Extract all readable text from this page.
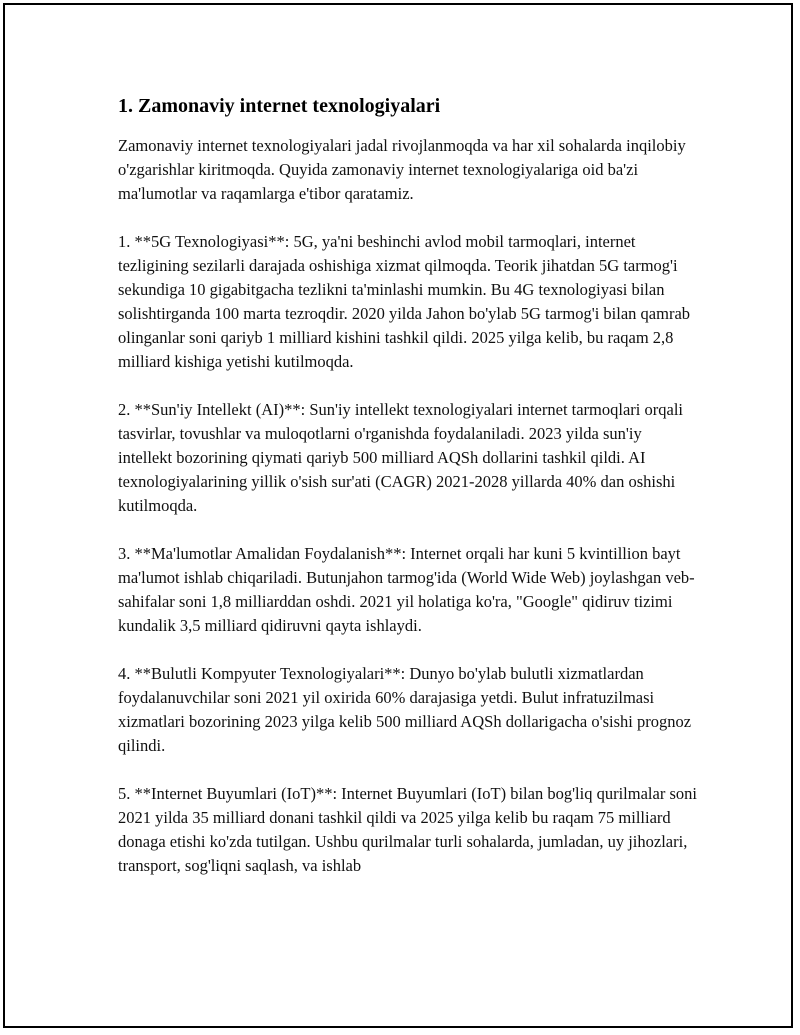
1. Zamonaviy internet texnologiyalari

Zamonaviy internet texnologiyalari jadal rivojlanmoqda va har xil sohalarda inqilobiy o'zgarishlar kiritmoqda. Quyida zamonaviy internet texnologiyalariga oid ba'zi ma'lumotlar va raqamlarga e'tibor qaratamiz.

1. **5G Texnologiyasi**: 5G, ya'ni beshinchi avlod mobil tarmoqlari, internet tezligining sezilarli darajada oshishiga xizmat qilmoqda. Teorik jihatdan 5G tarmog'i sekundiga 10 gigabitgacha tezlikni ta'minlashi mumkin. Bu 4G texnologiyasi bilan solishtirganda 100 marta tezroqdir. 2020 yilda Jahon bo'ylab 5G tarmog'i bilan qamrab olinganlar soni qariyb 1 milliard kishini tashkil qildi. 2025 yilga kelib, bu raqam 2,8 milliard kishiga yetishi kutilmoqda.

2. **Sun'iy Intellekt (AI)**: Sun'iy intellekt texnologiyalari internet tarmoqlari orqali tasvirlar, tovushlar va muloqotlarni o'rganishda foydalaniladi. 2023 yilda sun'iy intellekt bozorining qiymati qariyb 500 milliard AQSh dollarini tashkil qildi. AI texnologiyalarining yillik o'sish sur'ati (CAGR) 2021-2028 yillarda 40% dan oshishi kutilmoqda.

3. **Ma'lumotlar Amalidan Foydalanish**: Internet orqali har kuni 5 kvintillion bayt ma'lumot ishlab chiqariladi. Butunjahon tarmog'ida (World Wide Web) joylashgan veb-sahifalar soni 1,8 milliarddan oshdi. 2021 yil holatiga ko'ra, "Google" qidiruv tizimi kundalik 3,5 milliard qidiruvni qayta ishlaydi.

4. **Bulutli Kompyuter Texnologiyalari**: Dunyo bo'ylab bulutli xizmatlardan foydalanuvchilar soni 2021 yil oxirida 60% darajasiga yetdi. Bulut infratuzilmasi xizmatlari bozorining 2023 yilga kelib 500 milliard AQSh dollarigacha o'sishi prognoz qilindi.

5. **Internet Buyumlari (IoT)**: Internet Buyumlari (IoT) bilan bog'liq qurilmalar soni 2021 yilda 35 milliard donani tashkil qildi va 2025 yilga kelib bu raqam 75 milliard donaga etishi ko'zda tutilgan. Ushbu qurilmalar turli sohalarda, jumladan, uy jihozlari, transport, sog'liqni saqlash, va ishlab
